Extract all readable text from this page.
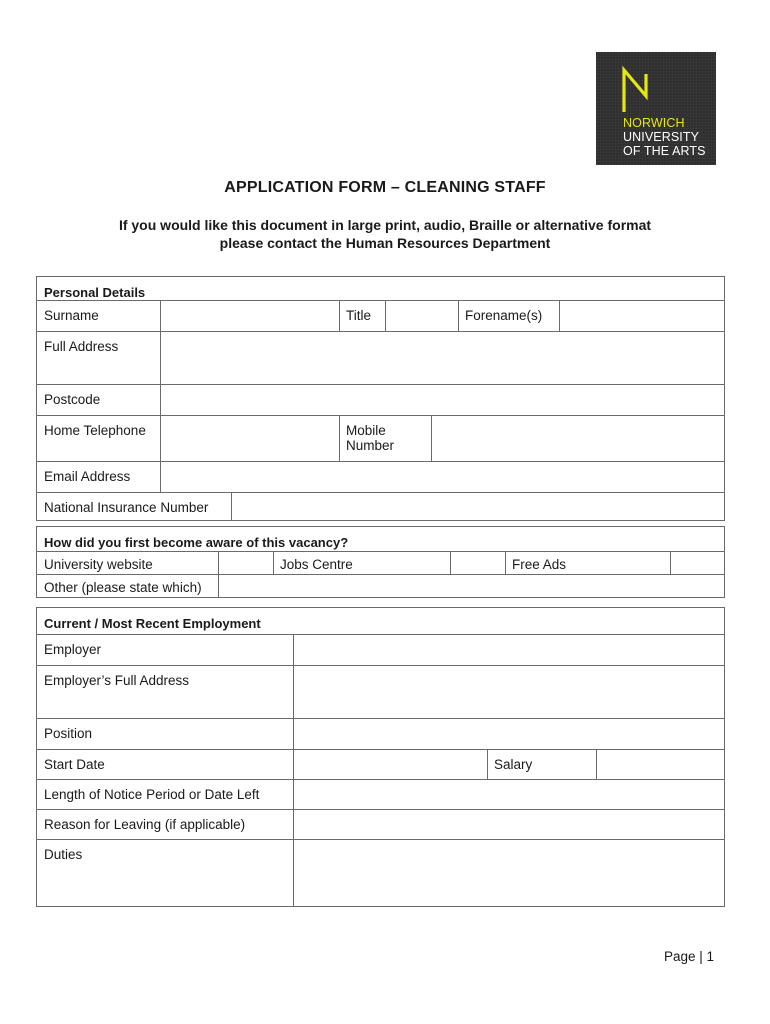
NORWICH
UNIVERSITY
OF THE ARTS
APPLICATION FORM – CLEANING STAFF
If you would like this document in large print, audio, Braille or alternative format
please contact the Human Resources Department
Personal Details
Surname	Title	Forename(s)
Full Address
Postcode
Home Telephone	Mobile
Number
Email Address
National Insurance Number
How did you first become aware of this vacancy?
University website	Jobs Centre	Free Ads
Other (please state which)
Current / Most Recent Employment
Employer
Employer’s Full Address
Position
Start Date	Salary
Length of Notice Period or Date Left
Reason for Leaving (if applicable)
Duties
Page | 1
